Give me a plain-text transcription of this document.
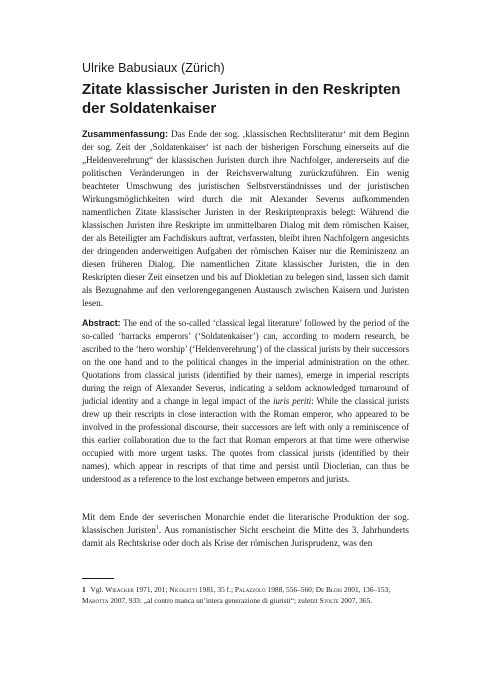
Ulrike Babusiaux (Zürich)
Zitate klassischer Juristen in den Reskripten der Soldatenkaiser

Zusammenfassung: Das Ende der sog. ‚klassischen Rechtsliteratur‘ mit dem Beginn der sog. Zeit der ‚Soldatenkaiser‘ ist nach der bisherigen Forschung einerseits auf die „Heldenverehrung“ der klassischen Juristen durch ihre Nachfolger, andererseits auf die politischen Veränderungen in der Reichsverwaltung zurückzuführen. Ein wenig beachteter Umschwung des juristischen Selbstverständnisses und der juristischen Wirkungsmöglichkeiten wird durch die mit Alexander Severus aufkommenden namentlichen Zitate klassischer Juristen in der Reskriptenpraxis belegt: Während die klassischen Juristen ihre Reskripte im unmittelbaren Dialog mit dem römischen Kaiser, der als Beteiligter am Fachdiskurs auftrat, verfassten, bleibt ihren Nachfolgern angesichts der dringenden anderweitigen Aufgaben der römischen Kaiser nur die Reminiszenz an diesen früheren Dialog. Die namentlichen Zitate klassischer Juristen, die in den Reskripten dieser Zeit einsetzen und bis auf Diokletian zu belegen sind, lassen sich damit als Bezugnahme auf den verlorengegangenen Austausch zwischen Kaisern und Juristen lesen.

Abstract: The end of the so-called ‘classical legal literature’ followed by the period of the so-called ‘barracks emperors’ (‘Soldatenkaiser’) can, according to modern research, be ascribed to the ‘hero worship’ (‘Heldenverehrung’) of the classical jurists by their successors on the one hand and to the political changes in the imperial administration on the other. Quotations from classical jurists (identified by their names), emerge in imperial rescripts during the reign of Alexander Severus, indicating a seldom acknowledged turnaround of judicial identity and a change in legal impact of the iuris periti: While the classical jurists drew up their rescripts in close interaction with the Roman emperor, who appeared to be involved in the professional discourse, their successors are left with only a reminiscence of this earlier collaboration due to the fact that Roman emperors at that time were otherwise occupied with more urgent tasks. The quotes from classical jurists (identified by their names), which appear in rescripts of that time and persist until Diocletian, can thus be understood as a reference to the lost exchange between emperors and jurists.

Mit dem Ende der severischen Monarchie endet die literarische Produktion der sog. klassischen Juristen$^1$. Aus romanistischer Sicht erscheint die Mitte des 3. Jahrhunderts damit als Rechtskrise oder doch als Krise der römischen Jurisprudenz, was den

1 Vgl. Wieacker 1971, 201; Nicoletti 1981, 35 f.; Palazzolo 1988, 556–560; De Blois 2001, 136–153; Marotta 2007, 933: „al contro manca un’intera generazione di giuristi“; zuletzt Stolte 2007, 365.
